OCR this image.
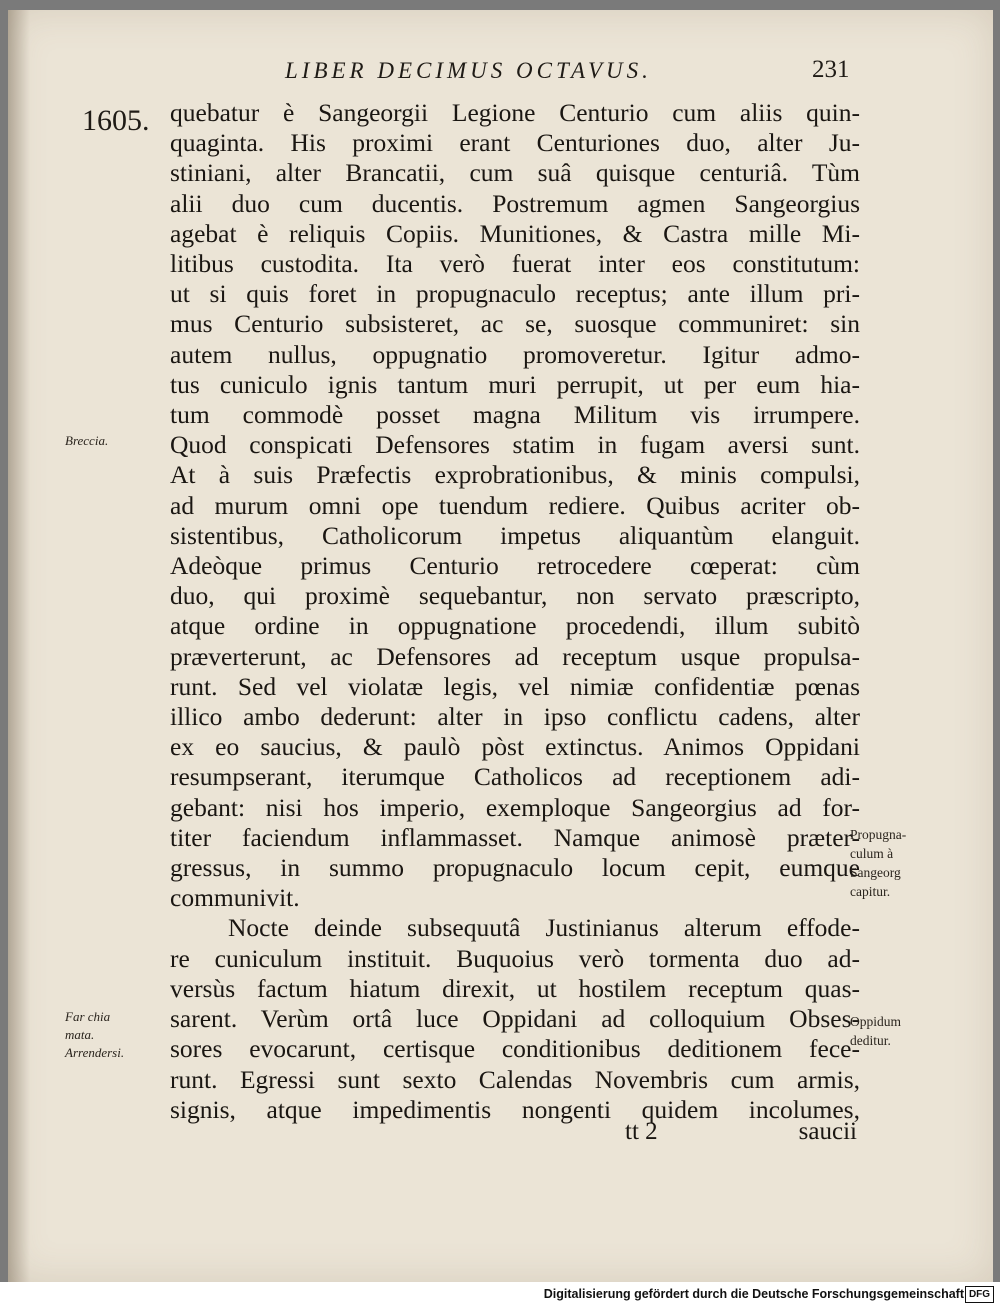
LIBER DECIMUS OCTAVUS.	231
1605. quebatur è Sangeorgii Legione Centurio cum aliis quin-
quaginta. His proximi erant Centuriones duo, alter Ju-
stiniani, alter Brancatii, cum suâ quisque centuriâ. Tùm
alii duo cum ducentis. Postremum agmen Sangeorgius
agebat è reliquis Copiis. Munitiones, & Castra mille Mi-
litibus custodita. Ita verò fuerat inter eos constitutum:
ut si quis foret in propugnaculo receptus; ante illum pri-
mus Centurio subsisteret, ac se, suosque communiret: sin
autem nullus, oppugnatio promoveretur. Igitur admo-
tus cuniculo ignis tantum muri perrupit, ut per eum hia-
tum commodè posset magna Militum vis irrumpere.
Quod conspicati Defensores statim in fugam aversi sunt.
At à suis Præfectis exprobrationibus, & minis compulsi,
ad murum omni ope tuendum rediere. Quibus acriter ob-
sistentibus, Catholicorum impetus aliquantùm elanguit.
Adeòque primus Centurio retrocedere cœperat: cùm
duo, qui proximè sequebantur, non servato præscripto,
atque ordine in oppugnatione procedendi, illum subitò
præverterunt, ac Defensores ad receptum usque propulsa-
runt. Sed vel violatæ legis, vel nimiæ confidentiæ pœnas
illico ambo dederunt: alter in ipso conflictu cadens, alter
ex eo saucius, & paulò pòst extinctus. Animos Oppidani
resumpserant, iterumque Catholicos ad receptionem adi-
gebant: nisi hos imperio, exemploque Sangeorgius ad for-
titer faciendum inflammasset. Namque animosè præter-
gressus, in summo propugnaculo locum cepit, eumque
communivit.
Nocte deinde subsequutâ Justinianus alterum effode-
re cuniculum instituit. Buquoius verò tormenta duo ad-
versùs factum hiatum direxit, ut hostilem receptum quas-
sarent. Verùm ortâ luce Oppidani ad colloquium Obses-
sores evocarunt, certisque conditionibus deditionem fece-
runt. Egressi sunt sexto Calendas Novembris cum armis,
signis, atque impedimentis nongenti quidem incolumes,
Breccia.
Far chia
mata.
Arrendersi.
Propugna-
culum à
Sangeorg
capitur.
Oppidum
deditur.
tt 2	saucii
Digitalisierung gefördert durch die Deutsche Forschungsgemeinschaft DFG
